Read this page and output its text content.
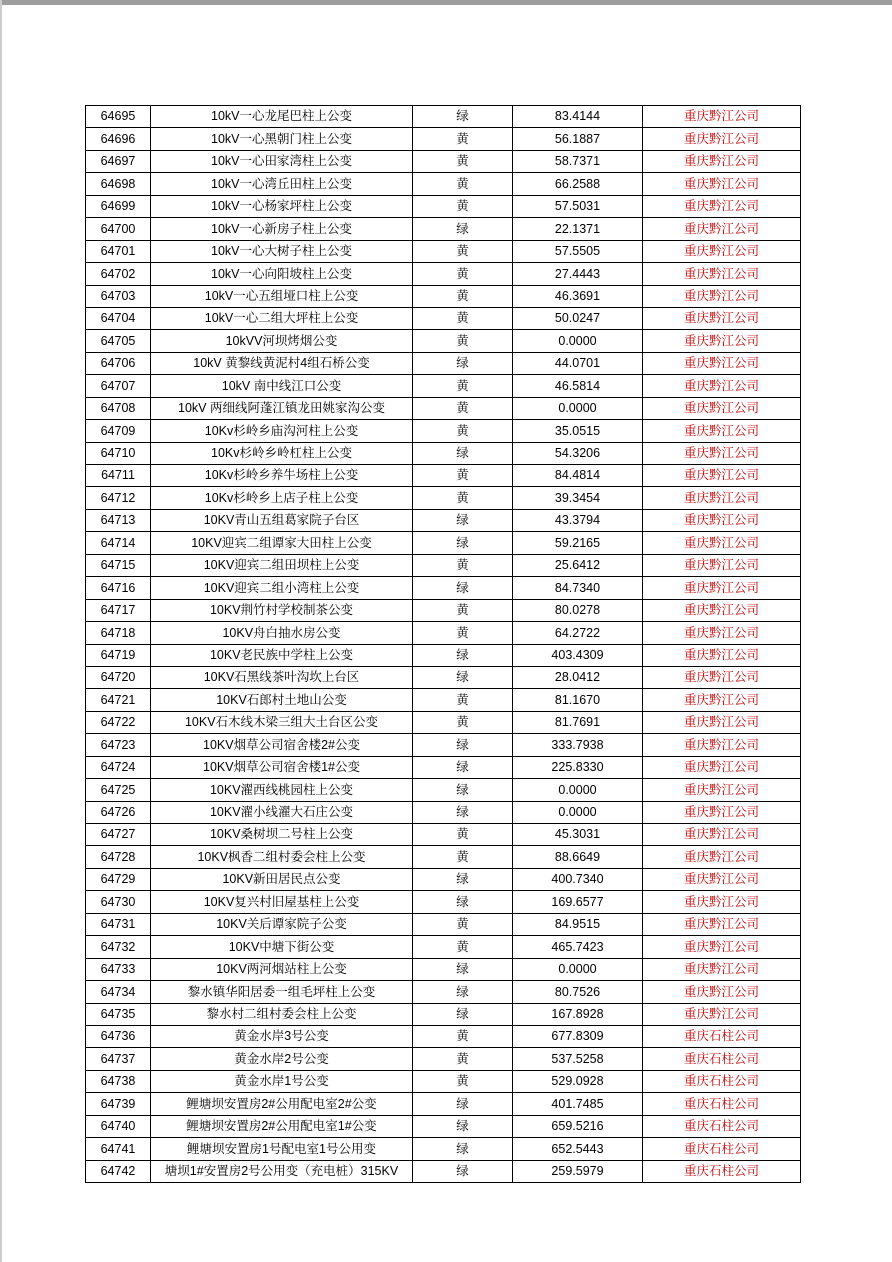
64695	10kV一心龙尾巴柱上公变	绿	83.4144	重庆黔江公司
64696	10kV一心黑朝门柱上公变	黄	56.1887	重庆黔江公司
64697	10kV一心田家湾柱上公变	黄	58.7371	重庆黔江公司
64698	10kV一心湾丘田柱上公变	黄	66.2588	重庆黔江公司
64699	10kV一心杨家坪柱上公变	黄	57.5031	重庆黔江公司
64700	10kV一心新房子柱上公变	绿	22.1371	重庆黔江公司
64701	10kV一心大树子柱上公变	黄	57.5505	重庆黔江公司
64702	10kV一心向阳坡柱上公变	黄	27.4443	重庆黔江公司
64703	10kV一心五组垭口柱上公变	黄	46.3691	重庆黔江公司
64704	10kV一心二组大坪柱上公变	黄	50.0247	重庆黔江公司
64705	10kVV河坝烤烟公变	黄	0.0000	重庆黔江公司
64706	10kV 黄黎线黄泥村4组石桥公变	绿	44.0701	重庆黔江公司
64707	10kV 南中线江口公变	黄	46.5814	重庆黔江公司
64708	10kV 两细线阿蓬江镇龙田姚家沟公变	黄	0.0000	重庆黔江公司
64709	10Kv杉岭乡庙沟河柱上公变	黄	35.0515	重庆黔江公司
64710	10Kv杉岭乡岭杠柱上公变	绿	54.3206	重庆黔江公司
64711	10Kv杉岭乡养牛场柱上公变	黄	84.4814	重庆黔江公司
64712	10Kv杉岭乡上店子柱上公变	黄	39.3454	重庆黔江公司
64713	10KV青山五组葛家院子台区	绿	43.3794	重庆黔江公司
64714	10KV迎宾二组谭家大田柱上公变	绿	59.2165	重庆黔江公司
64715	10KV迎宾二组田坝柱上公变	黄	25.6412	重庆黔江公司
64716	10KV迎宾二组小湾柱上公变	绿	84.7340	重庆黔江公司
64717	10KV荆竹村学校制茶公变	黄	80.0278	重庆黔江公司
64718	10KV舟白抽水房公变	黄	64.2722	重庆黔江公司
64719	10KV老民族中学柱上公变	绿	403.4309	重庆黔江公司
64720	10KV石黑线茶叶沟坎上台区	绿	28.0412	重庆黔江公司
64721	10KV石郎村土地山公变	黄	81.1670	重庆黔江公司
64722	10KV石木线木梁三组大土台区公变	黄	81.7691	重庆黔江公司
64723	10KV烟草公司宿舍楼2#公变	绿	333.7938	重庆黔江公司
64724	10KV烟草公司宿舍楼1#公变	绿	225.8330	重庆黔江公司
64725	10KV濯西线桃园柱上公变	绿	0.0000	重庆黔江公司
64726	10KV濯小线濯大石庄公变	绿	0.0000	重庆黔江公司
64727	10KV桑树坝二号柱上公变	黄	45.3031	重庆黔江公司
64728	10KV枫香二组村委会柱上公变	黄	88.6649	重庆黔江公司
64729	10KV新田居民点公变	绿	400.7340	重庆黔江公司
64730	10KV复兴村旧屋基柱上公变	绿	169.6577	重庆黔江公司
64731	10KV关后谭家院子公变	黄	84.9515	重庆黔江公司
64732	10KV中塘下街公变	黄	465.7423	重庆黔江公司
64733	10KV两河烟站柱上公变	绿	0.0000	重庆黔江公司
64734	黎水镇华阳居委一组毛坪柱上公变	绿	80.7526	重庆黔江公司
64735	黎水村二组村委会柱上公变	绿	167.8928	重庆黔江公司
64736	黄金水岸3号公变	黄	677.8309	重庆石柱公司
64737	黄金水岸2号公变	黄	537.5258	重庆石柱公司
64738	黄金水岸1号公变	黄	529.0928	重庆石柱公司
64739	鲤塘坝安置房2#公用配电室2#公变	绿	401.7485	重庆石柱公司
64740	鲤塘坝安置房2#公用配电室1#公变	绿	659.5216	重庆石柱公司
64741	鲤塘坝安置房1号配电室1号公用变	绿	652.5443	重庆石柱公司
64742	塘坝1#安置房2号公用变（充电桩）315KV	绿	259.5979	重庆石柱公司
